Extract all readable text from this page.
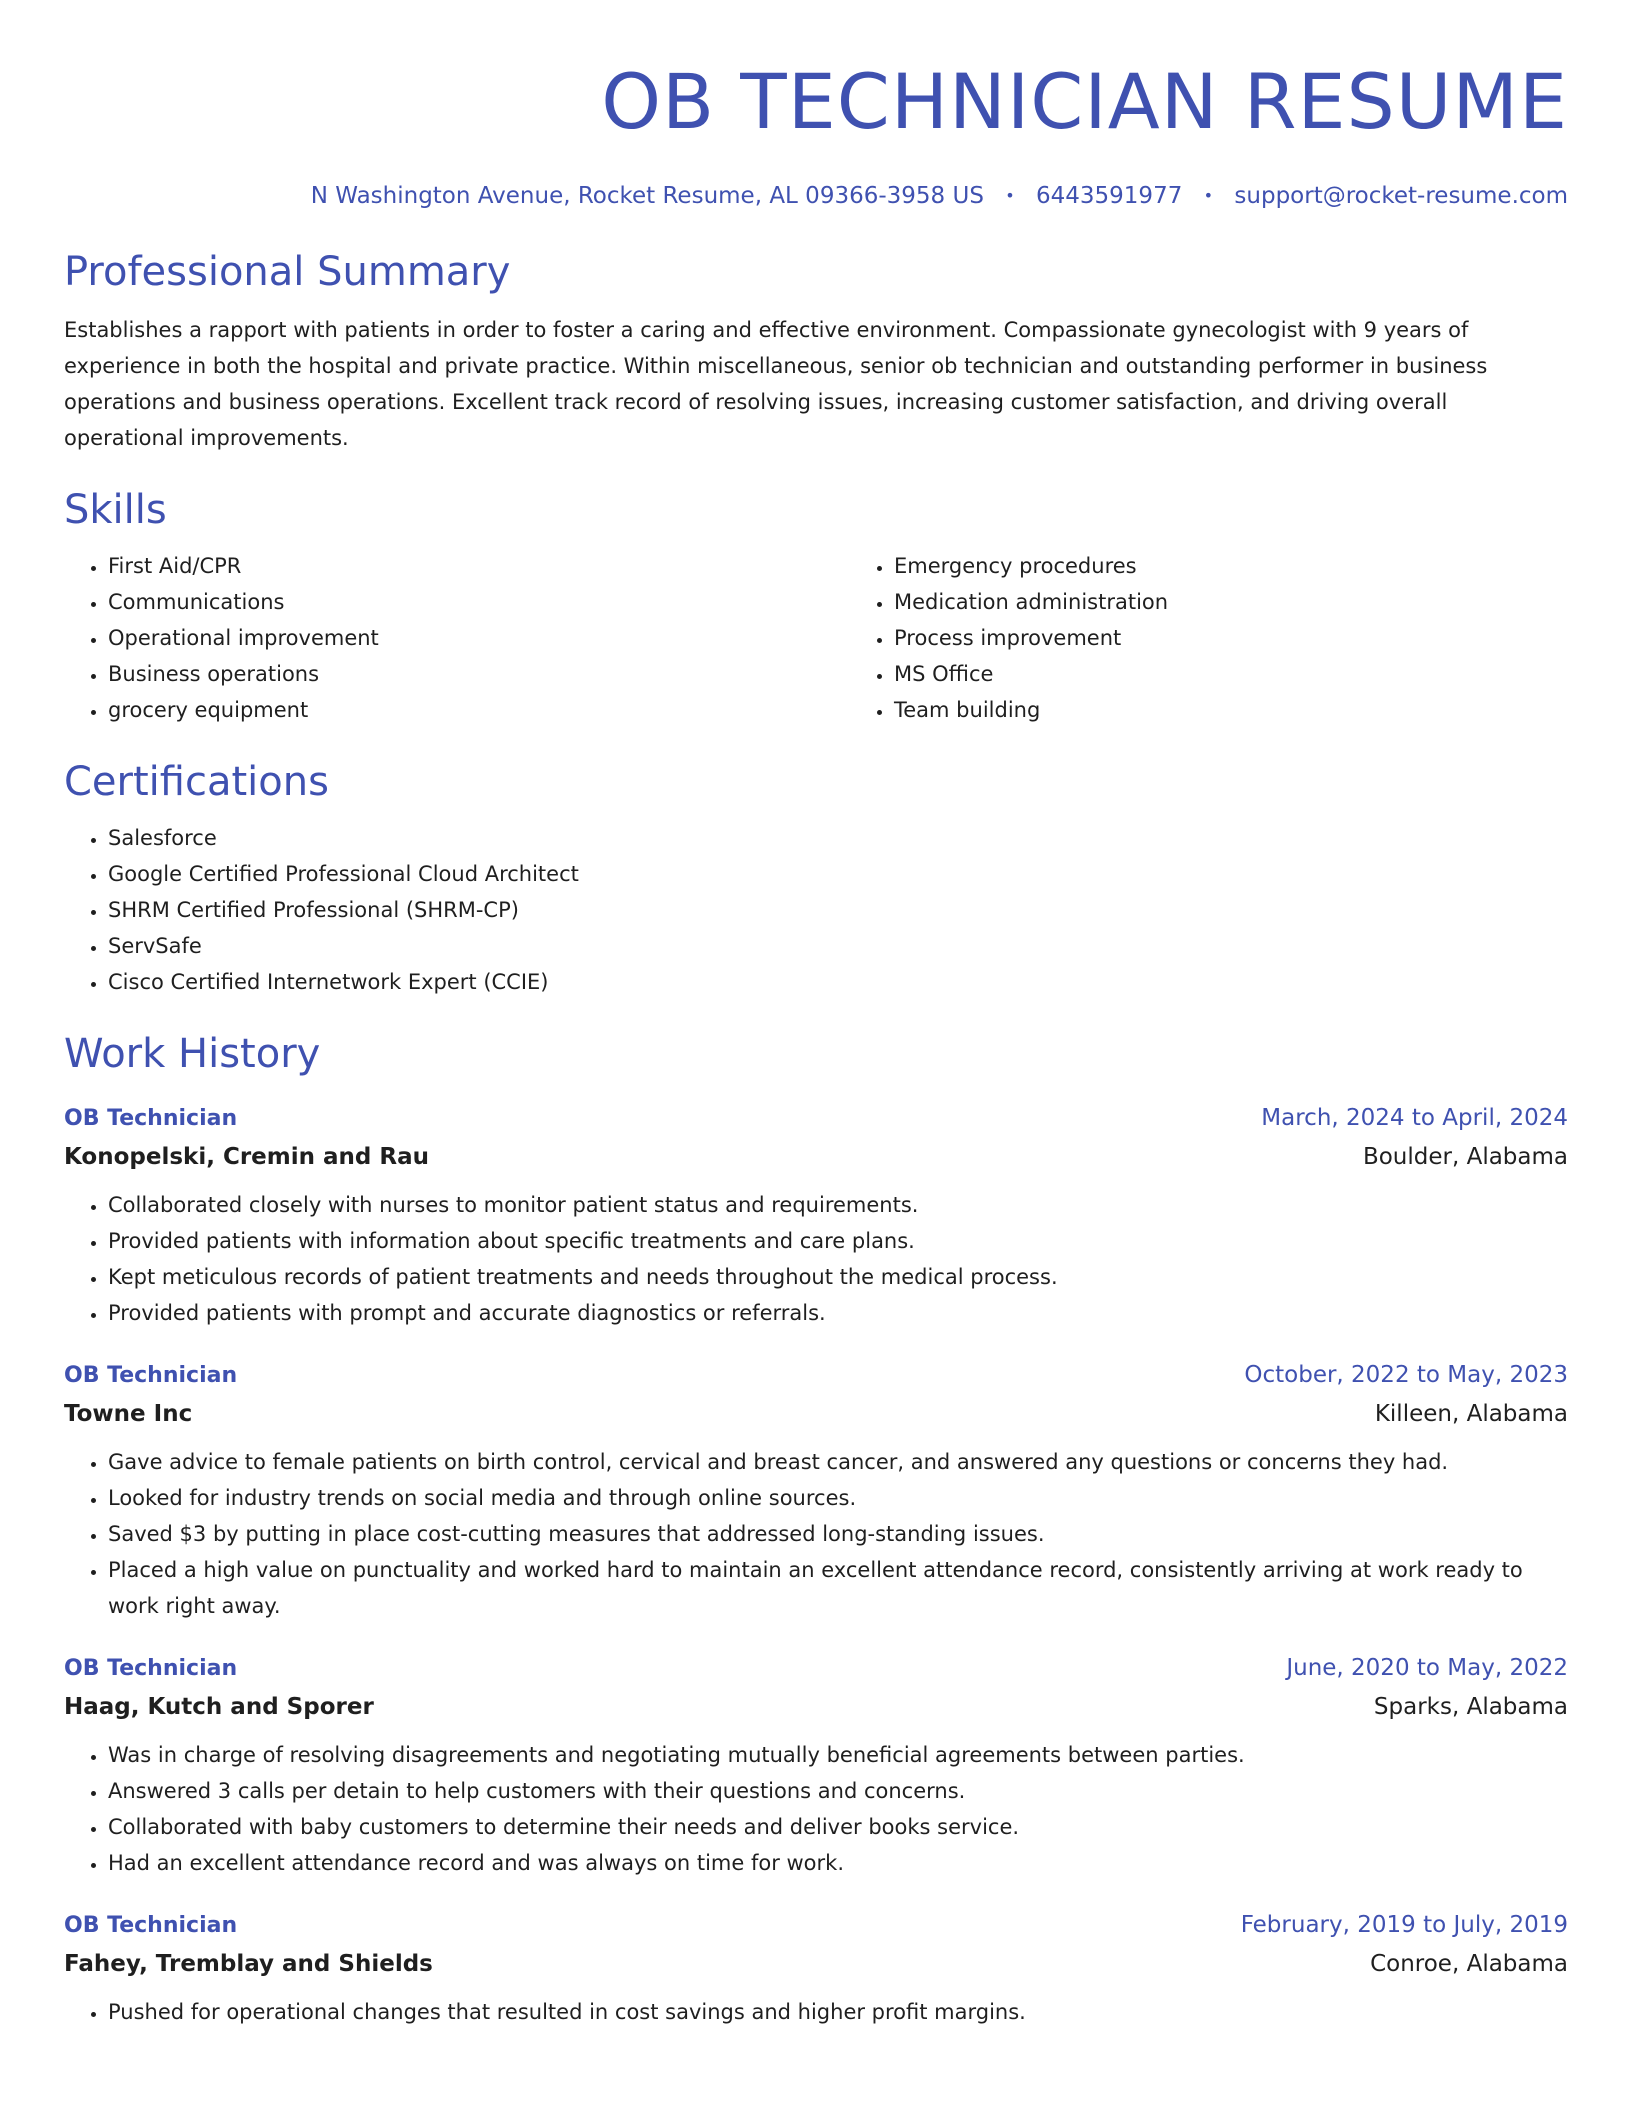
OB TECHNICIAN RESUME
N Washington Avenue, Rocket Resume, AL 09366-3958 US • 6443591977 • support@rocket-resume.com
Professional Summary

Establishes a rapport with patients in order to foster a caring and effective environment. Compassionate gynecologist with 9 years of experience in both the hospital and private practice. Within miscellaneous, senior ob technician and outstanding performer in business operations and business operations. Excellent track record of resolving issues, increasing customer satisfaction, and driving overall operational improvements.

Skills
• First Aid/CPR
• Communications
• Operational improvement
• Business operations
• grocery equipment
• Emergency procedures
• Medication administration
• Process improvement
• MS Office
• Team building
Certifications
• Salesforce
• Google Certified Professional Cloud Architect
• SHRM Certified Professional (SHRM-CP)
• ServSafe
• Cisco Certified Internetwork Expert (CCIE)
Work History
OB Technician	March, 2024 to April, 2024
Konopelski, Cremin and Rau	Boulder, Alabama
• Collaborated closely with nurses to monitor patient status and requirements.
• Provided patients with information about specific treatments and care plans.
• Kept meticulous records of patient treatments and needs throughout the medical process.
• Provided patients with prompt and accurate diagnostics or referrals.
OB Technician	October, 2022 to May, 2023
Towne Inc	Killeen, Alabama
• Gave advice to female patients on birth control, cervical and breast cancer, and answered any questions or concerns they had.
• Looked for industry trends on social media and through online sources.
• Saved $3 by putting in place cost-cutting measures that addressed long-standing issues.
• Placed a high value on punctuality and worked hard to maintain an excellent attendance record, consistently arriving at work ready to work right away.
OB Technician	June, 2020 to May, 2022
Haag, Kutch and Sporer	Sparks, Alabama
• Was in charge of resolving disagreements and negotiating mutually beneficial agreements between parties.
• Answered 3 calls per detain to help customers with their questions and concerns.
• Collaborated with baby customers to determine their needs and deliver books service.
• Had an excellent attendance record and was always on time for work.
OB Technician	February, 2019 to July, 2019
Fahey, Tremblay and Shields	Conroe, Alabama
• Pushed for operational changes that resulted in cost savings and higher profit margins.
